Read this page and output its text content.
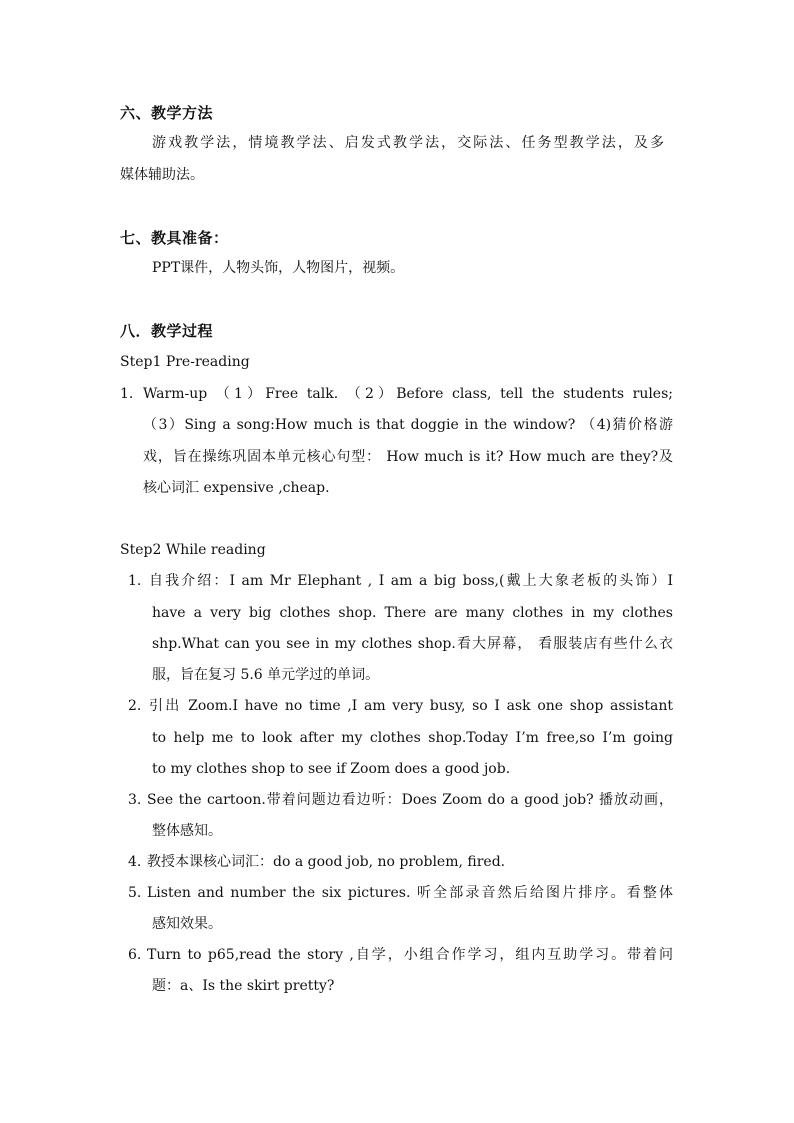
六、教学方法
游戏教学法，情境教学法、启发式教学法，交际法、任务型教学法，及多
媒体辅助法。
七、教具准备：
PPT课件，人物头饰，人物图片，视频。
八．教学过程
Step1 Pre-reading
1. Warm-up （1）Free talk. （2）Before class, tell the students rules;
（3）Sing a song:How much is that doggie in the window? （4)猜价格游
戏，旨在操练巩固本单元核心句型： How much is it? How much are they?及
核心词汇 expensive ,cheap.
Step2 While reading
1. 自我介绍：I am Mr Elephant , I am a big boss,(戴上大象老板的头饰）I
have a very big clothes shop. There are many clothes in my clothes
shp.What can you see in my clothes shop.看大屏幕， 看服装店有些什么衣
服，旨在复习 5.6 单元学过的单词。
2. 引出 Zoom.I have no time ,I am very busy, so I ask one shop assistant
to help me to look after my clothes shop.Today I’m free,so I’m going
to my clothes shop to see if Zoom does a good job.
3. See the cartoon.带着问题边看边听：Does Zoom do a good job? 播放动画，
整体感知。
4. 教授本课核心词汇：do a good job, no problem, fired.
5. Listen and number the six pictures. 听全部录音然后给图片排序。看整体
感知效果。
6. Turn to p65,read the story ,自学，小组合作学习，组内互助学习。带着问
题：a、Is the skirt pretty?
